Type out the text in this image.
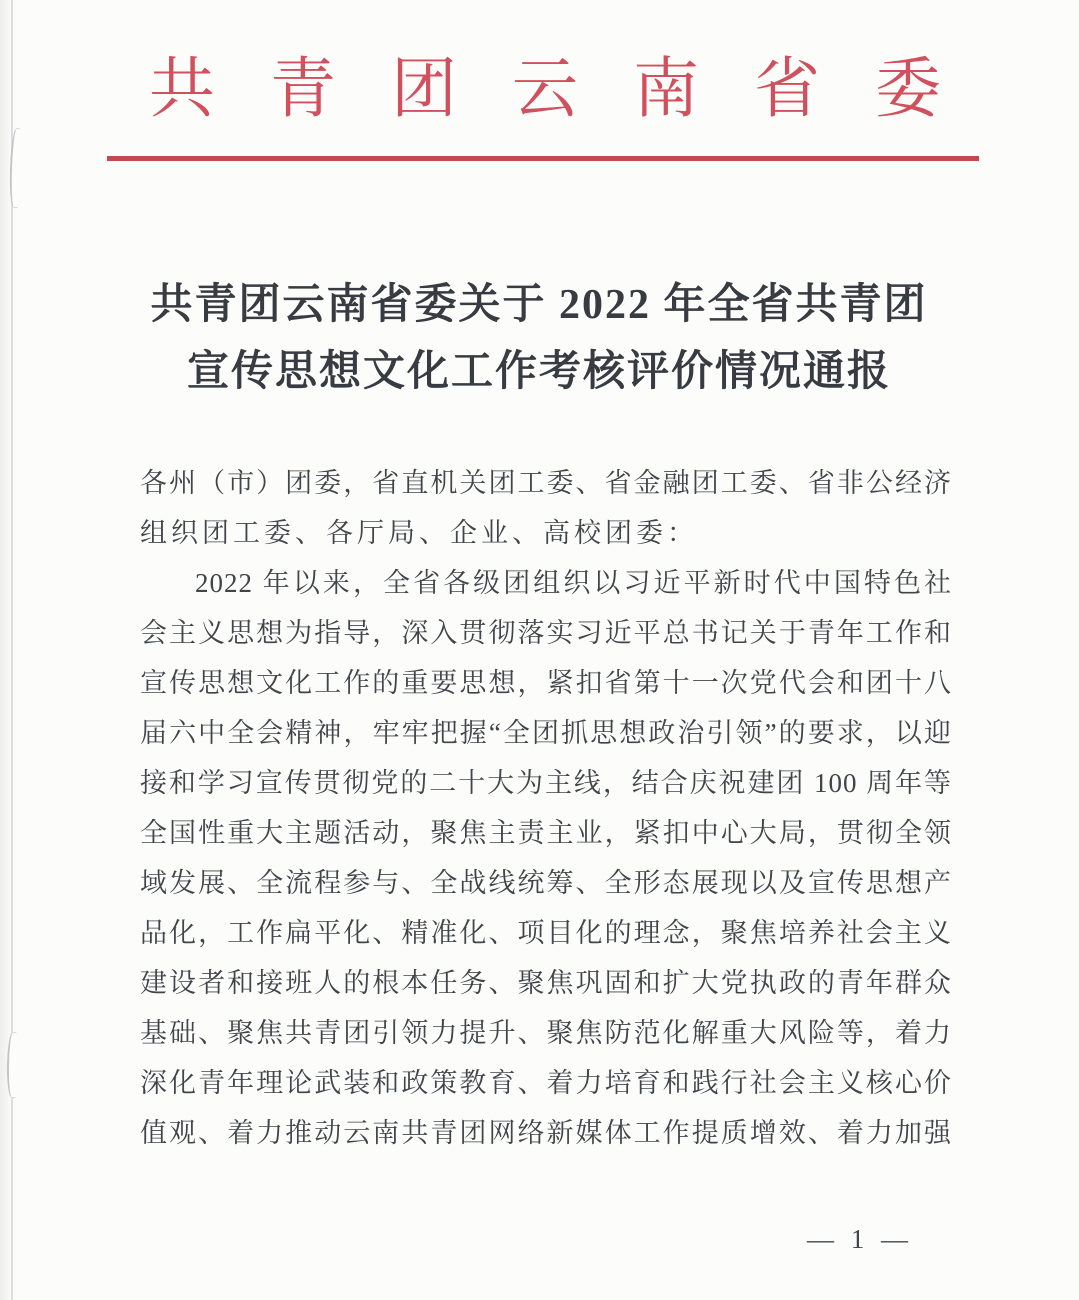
共青团云南省委
共青团云南省委关于 2022 年全省共青团
宣传思想文化工作考核评价情况通报
各州（市）团委，省直机关团工委、省金融团工委、省非公经济
组织团工委、各厅局、企业、高校团委：
2022 年以来，全省各级团组织以习近平新时代中国特色社
会主义思想为指导，深入贯彻落实习近平总书记关于青年工作和
宣传思想文化工作的重要思想，紧扣省第十一次党代会和团十八
届六中全会精神，牢牢把握“全团抓思想政治引领”的要求，以迎
接和学习宣传贯彻党的二十大为主线，结合庆祝建团 100 周年等
全国性重大主题活动，聚焦主责主业，紧扣中心大局，贯彻全领
域发展、全流程参与、全战线统筹、全形态展现以及宣传思想产
品化，工作扁平化、精准化、项目化的理念，聚焦培养社会主义
建设者和接班人的根本任务、聚焦巩固和扩大党执政的青年群众
基础、聚焦共青团引领力提升、聚焦防范化解重大风险等，着力
深化青年理论武装和政策教育、着力培育和践行社会主义核心价
值观、着力推动云南共青团网络新媒体工作提质增效、着力加强
— 1 —
